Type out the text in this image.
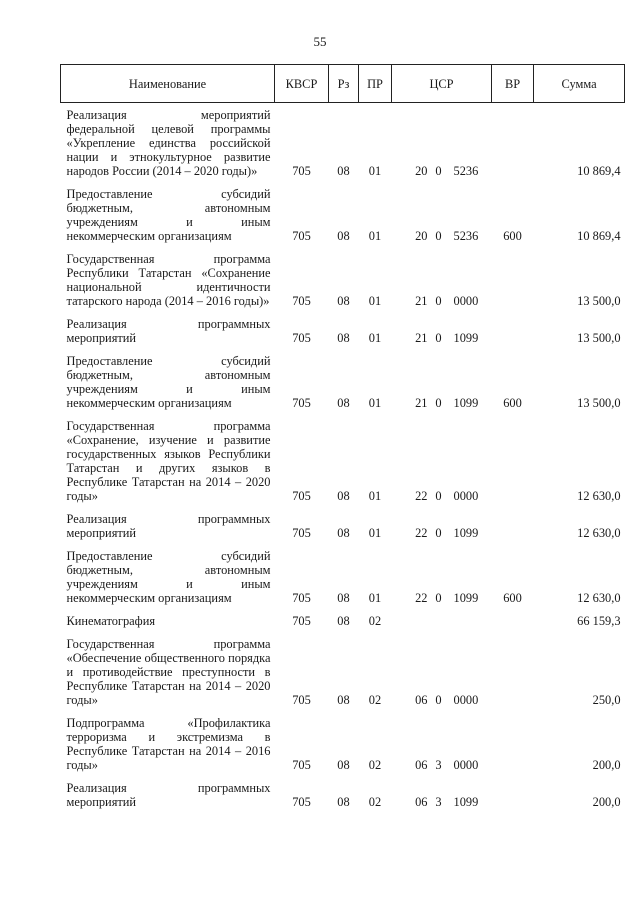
55
Наименование	КВСР	Рз	ПР	ЦСР			ВР	Сумма
Реализация мероприятий федеральной целевой программы «Укрепление единства российской нации и этнокультурное развитие народов России (2014 – 2020 годы)»	705	08	01	20	0	5236		10 869,4
Предоставление субсидий бюджетным, автономным учреждениям и иным некоммерческим организациям	705	08	01	20	0	5236	600	10 869,4
Государственная программа Республики Татарстан «Сохранение национальной идентичности татарского народа (2014 – 2016 годы)»	705	08	01	21	0	0000		13 500,0
Реализация программных мероприятий	705	08	01	21	0	1099		13 500,0
Предоставление субсидий бюджетным, автономным учреждениям и иным некоммерческим организациям	705	08	01	21	0	1099	600	13 500,0
Государственная программа «Сохранение, изучение и развитие государственных языков Республики Татарстан и других языков в Республике Татарстан на 2014 – 2020 годы»	705	08	01	22	0	0000		12 630,0
Реализация программных мероприятий	705	08	01	22	0	1099		12 630,0
Предоставление субсидий бюджетным, автономным учреждениям и иным некоммерческим организациям	705	08	01	22	0	1099	600	12 630,0
Кинематография	705	08	02					66 159,3
Государственная программа «Обеспечение общественного порядка и противодействие преступности в Республике Татарстан на 2014 – 2020 годы»	705	08	02	06	0	0000		250,0
Подпрограмма «Профилактика терроризма и экстремизма в Республике Татарстан на 2014 – 2016 годы»	705	08	02	06	3	0000		200,0
Реализация программных мероприятий	705	08	02	06	3	1099		200,0
